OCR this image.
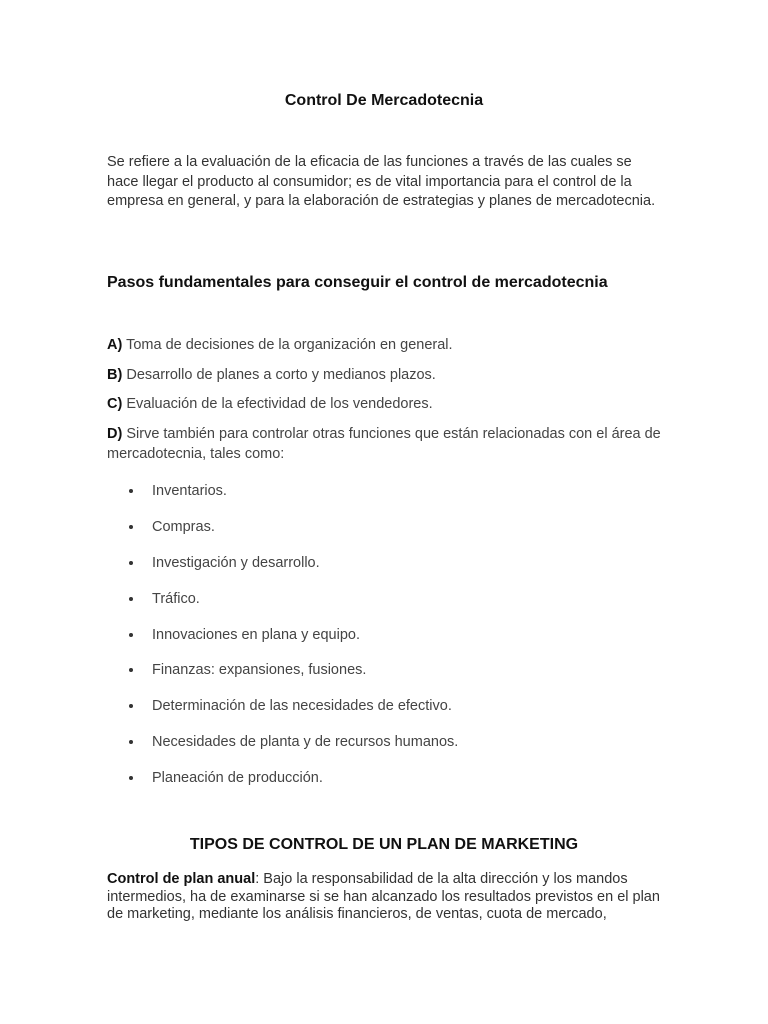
Control De Mercadotecnia

Se refiere a la evaluación de la eficacia de las funciones a través de las cuales se hace llegar el producto al consumidor; es de vital importancia para el control de la empresa en general, y para la elaboración de estrategias y planes de mercadotecnia.

Pasos fundamentales para conseguir el control de mercadotecnia

A) Toma de decisiones de la organización en general.

B) Desarrollo de planes a corto y medianos plazos.

C) Evaluación de la efectividad de los vendedores.

D) Sirve también para controlar otras funciones que están relacionadas con el área de mercadotecnia, tales como:

Inventarios.
Compras.
Investigación y desarrollo.
Tráfico.
Innovaciones en plana y equipo.
Finanzas: expansiones, fusiones.
Determinación de las necesidades de efectivo.
Necesidades de planta y de recursos humanos.
Planeación de producción.
TIPOS DE CONTROL DE UN PLAN DE MARKETING

Control de plan anual: Bajo la responsabilidad de la alta dirección y los mandos intermedios, ha de examinarse si se han alcanzado los resultados previstos en el plan de marketing, mediante los análisis financieros, de ventas, cuota de mercado,
